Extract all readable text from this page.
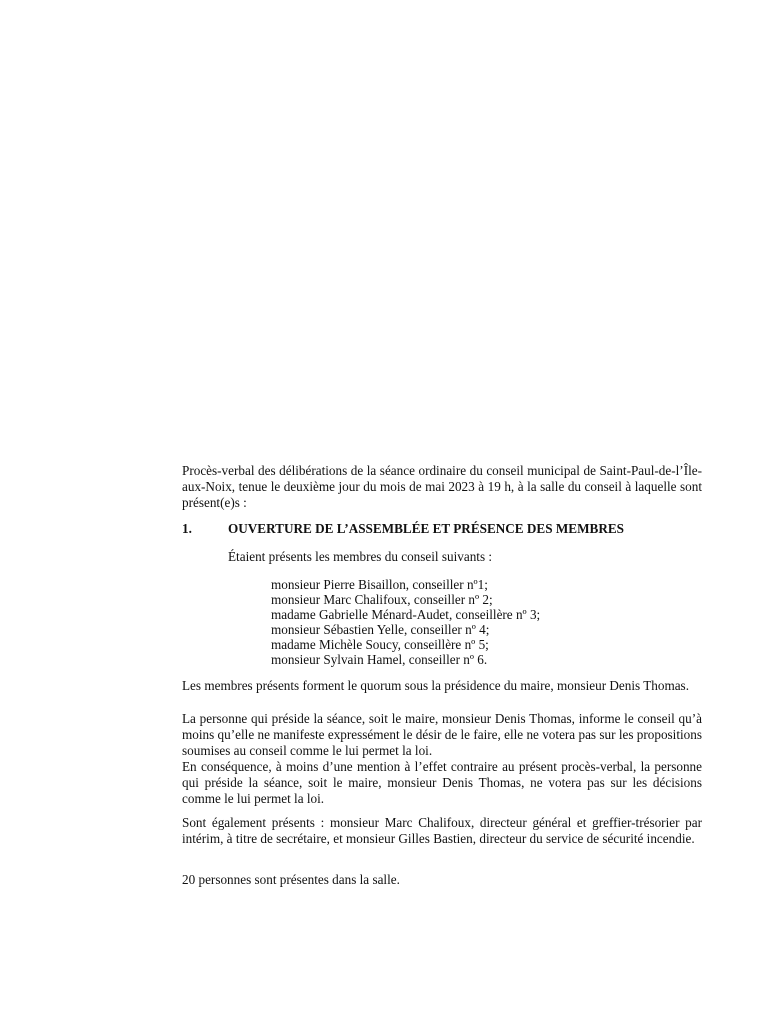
Procès-verbal des délibérations de la séance ordinaire du conseil municipal de Saint-Paul-de-l’Île-aux-Noix, tenue le deuxième jour du mois de mai 2023 à 19 h, à la salle du conseil à laquelle sont présent(e)s :
1.	OUVERTURE DE L’ASSEMBLÉE ET PRÉSENCE DES MEMBRES
Étaient présents les membres du conseil suivants :
monsieur Pierre Bisaillon, conseiller nº1;
monsieur Marc Chalifoux, conseiller nº 2;
madame Gabrielle Ménard-Audet, conseillère nº 3;
monsieur Sébastien Yelle, conseiller nº 4;
madame Michèle Soucy, conseillère nº 5;
monsieur Sylvain Hamel, conseiller nº 6.
Les membres présents forment le quorum sous la présidence du maire, monsieur Denis Thomas.
La personne qui préside la séance, soit le maire, monsieur Denis Thomas, informe le conseil qu’à moins qu’elle ne manifeste expressément le désir de le faire, elle ne votera pas sur les propositions soumises au conseil comme le lui permet la loi.
En conséquence, à moins d’une mention à l’effet contraire au présent procès-verbal, la personne qui préside la séance, soit le maire, monsieur Denis Thomas, ne votera pas sur les décisions comme le lui permet la loi.
Sont également présents : monsieur Marc Chalifoux, directeur général et greffier-trésorier par intérim, à titre de secrétaire, et monsieur Gilles Bastien, directeur du service de sécurité incendie.
20 personnes sont présentes dans la salle.
